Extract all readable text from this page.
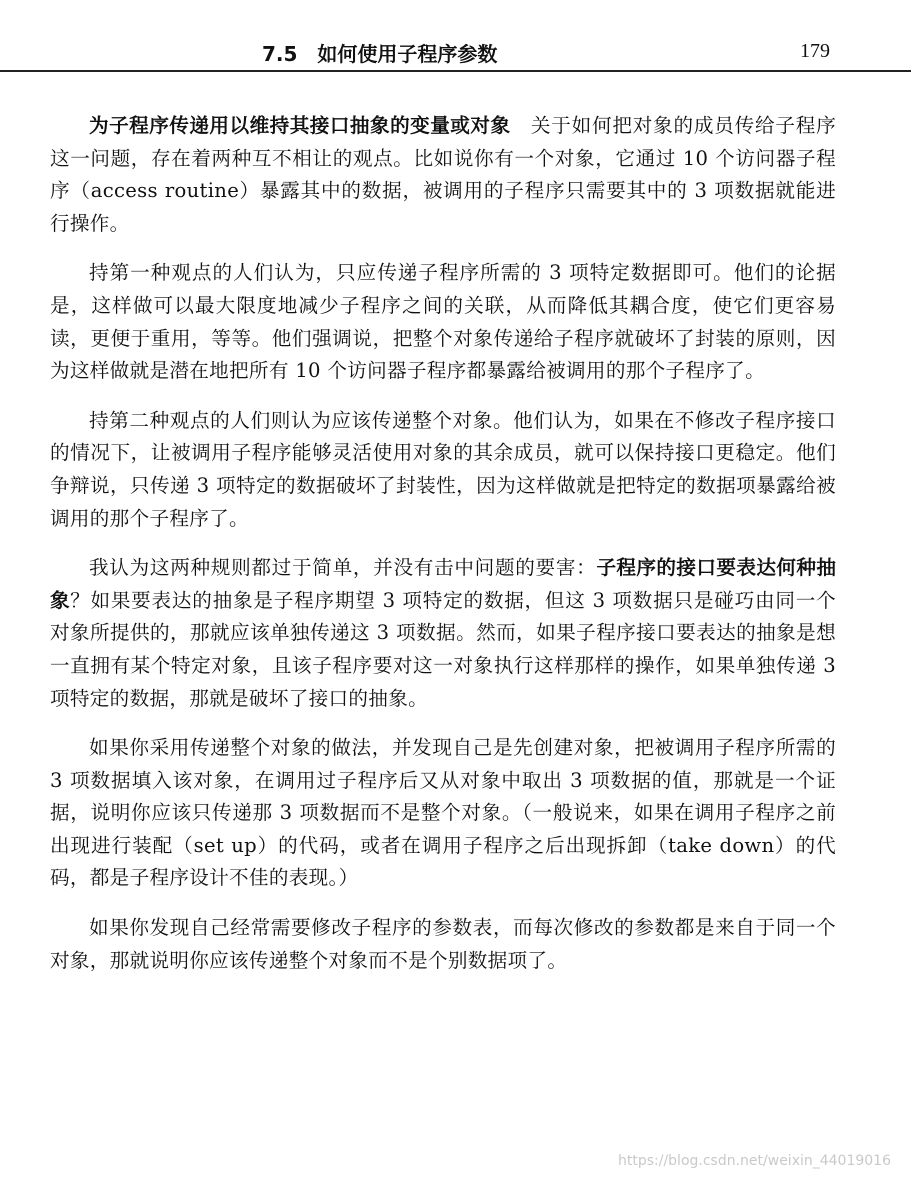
7.5　如何使用子程序参数	179

为子程序传递用以维持其接口抽象的变量或对象　关于如何把对象的成员传给子程序这一问题，存在着两种互不相让的观点。比如说你有一个对象，它通过 10 个访问器子程序（access routine）暴露其中的数据，被调用的子程序只需要其中的 3 项数据就能进行操作。

持第一种观点的人们认为，只应传递子程序所需的 3 项特定数据即可。他们的论据是，这样做可以最大限度地减少子程序之间的关联，从而降低其耦合度，使它们更容易读，更便于重用，等等。他们强调说，把整个对象传递给子程序就破坏了封装的原则，因为这样做就是潜在地把所有 10 个访问器子程序都暴露给被调用的那个子程序了。

持第二种观点的人们则认为应该传递整个对象。他们认为，如果在不修改子程序接口的情况下，让被调用子程序能够灵活使用对象的其余成员，就可以保持接口更稳定。他们争辩说，只传递 3 项特定的数据破坏了封装性，因为这样做就是把特定的数据项暴露给被调用的那个子程序了。

我认为这两种规则都过于简单，并没有击中问题的要害：子程序的接口要表达何种抽象？如果要表达的抽象是子程序期望 3 项特定的数据，但这 3 项数据只是碰巧由同一个对象所提供的，那就应该单独传递这 3 项数据。然而，如果子程序接口要表达的抽象是想一直拥有某个特定对象，且该子程序要对这一对象执行这样那样的操作，如果单独传递 3 项特定的数据，那就是破坏了接口的抽象。

如果你采用传递整个对象的做法，并发现自己是先创建对象，把被调用子程序所需的 3 项数据填入该对象，在调用过子程序后又从对象中取出 3 项数据的值，那就是一个证据，说明你应该只传递那 3 项数据而不是整个对象。（一般说来，如果在调用子程序之前出现进行装配（set up）的代码，或者在调用子程序之后出现拆卸（take down）的代码，都是子程序设计不佳的表现。）

如果你发现自己经常需要修改子程序的参数表，而每次修改的参数都是来自于同一个对象，那就说明你应该传递整个对象而不是个别数据项了。

https://blog.csdn.net/weixin_44019016
